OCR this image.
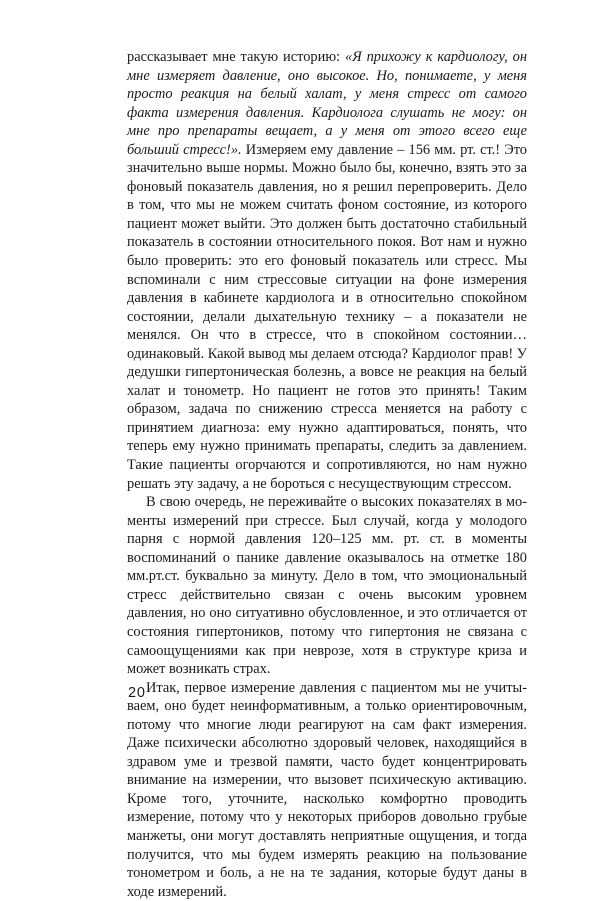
рассказывает мне такую историю: «Я прихожу к кардиологу, он мне измеряет давление, оно высокое. Но, понимаете, у меня просто реакция на белый халат, у меня стресс от самого факта измерения давления. Кардиолога слушать не могу: он мне про препараты вещает, а у меня от этого всего еще больший стресс!». Измеряем ему давление – 156 мм. рт. ст.! Это значительно выше нормы. Можно было бы, конечно, взять это за фоновый показатель давления, но я решил перепроверить. Дело в том, что мы не можем считать фоном состояние, из которого пациент может выйти. Это должен быть достаточно стабильный показатель в состоянии относительного покоя. Вот нам и нужно было проверить: это его фоновый показатель или стресс. Мы вспоминали с ним стрессовые ситуации на фоне измерения давления в кабинете кардиолога и в относительно спокойном состоянии, делали дыхательную технику – а показатели не менялся. Он что в стрессе, что в спокойном состоянии… одинаковый. Какой вывод мы делаем отсюда? Кардиолог прав! У дедушки гипертоническая болезнь, а вовсе не реакция на белый халат и тонометр. Но пациент не готов это принять! Таким образом, задача по снижению стресса меняется на работу с принятием диагноза: ему нужно адаптироваться, понять, что теперь ему нужно принимать препараты, следить за давлением. Такие пациенты огорчаются и сопротивляются, но нам нужно решать эту задачу, а не бороться с несуществующим стрессом.

В свою очередь, не переживайте о высоких показателях в моменты измерений при стрессе. Был случай, когда у молодого парня с нормой давления 120–125 мм. рт. ст. в моменты воспоминаний о панике давление оказывалось на отметке 180 мм.рт.ст. буквально за минуту. Дело в том, что эмоциональный стресс действительно связан с очень высоким уровнем давления, но оно ситуативно обусловленное, и это отличается от состояния гипертоников, потому что гипертония не связана с самоощущениями как при неврозе, хотя в структуре криза и может возникать страх.

Итак, первое измерение давления с пациентом мы не учитываем, оно будет неинформативным, а только ориентировочным, потому что многие люди реагируют на сам факт измерения. Даже психически абсолютно здоровый человек, находящийся в здравом уме и трезвой памяти, часто будет концентрировать внимание на измерении, что вызовет психическую активацию. Кроме того, уточните, насколько комфортно проводить измерение, потому что у некоторых приборов довольно грубые манжеты, они могут доставлять неприятные ощущения, и тогда получится, что мы будем измерять реакцию на пользование тонометром и боль, а не на те задания, которые будут даны в ходе измерений.

20
